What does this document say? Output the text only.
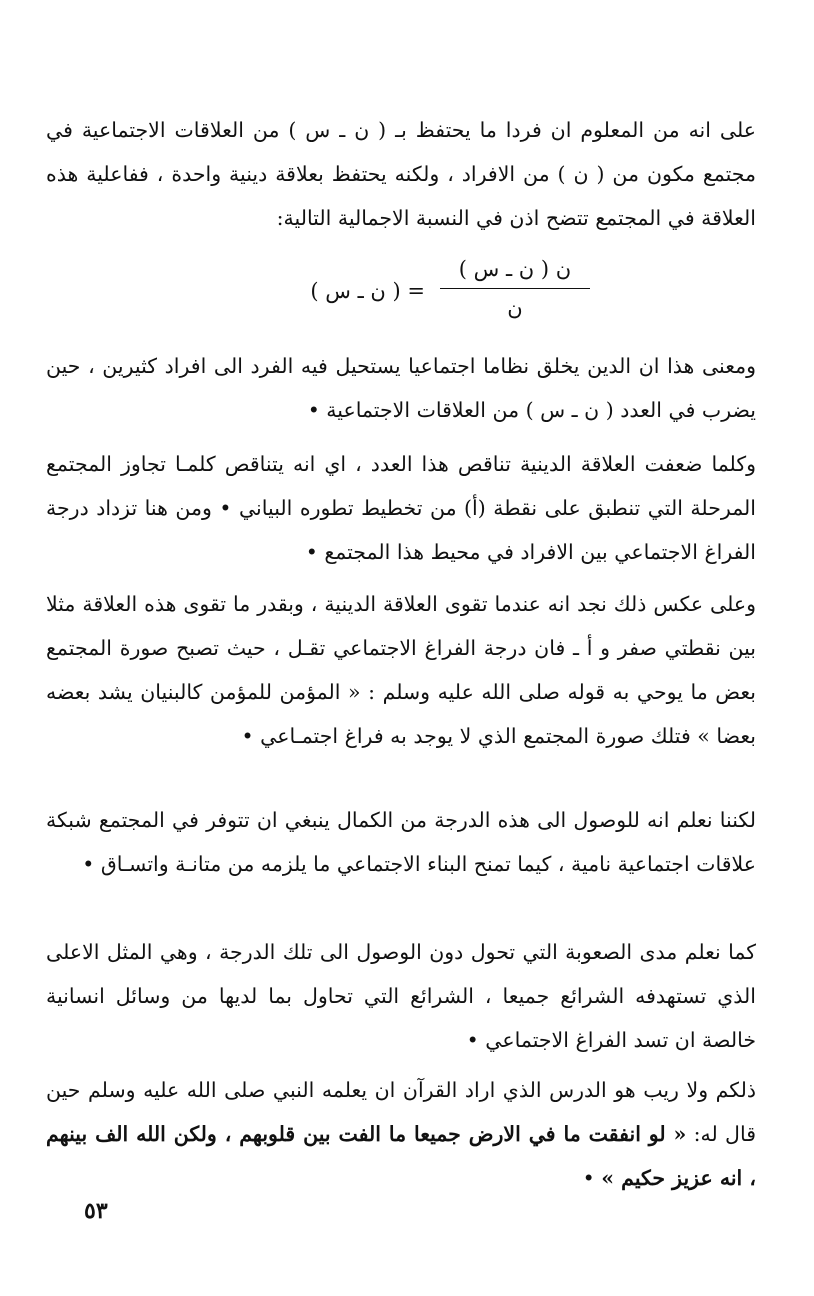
على انه من المعلوم ان فردا ما يحتفظ بـ ( ن ـ س ) من العلاقات الاجتماعية في مجتمع مكون من ( ن ) من الافراد ، ولكنه يحتفظ بعلاقة دينية واحدة ، ففاعلية هذه العلاقة في المجتمع تتضح اذن في النسبة الاجمالية التالية:

ن ( ن ـ س )
ن
= ( ن ـ س )

ومعنى هذا ان الدين يخلق نظاما اجتماعيا يستحيل فيه الفرد الى افراد كثيرين ، حين يضرب في العدد ( ن ـ س ) من العلاقات الاجتماعية •

وكلما ضعفت العلاقة الدينية تناقص هذا العدد ، اي انه يتناقص كلمـا تجاوز المجتمع المرحلة التي تنطبق على نقطة (أ) من تخطيط تطوره البياني • ومن هنا تزداد درجة الفراغ الاجتماعي بين الافراد في محيط هذا المجتمع •

وعلى عكس ذلك نجد انه عندما تقوى العلاقة الدينية ، وبقدر ما تقوى هذه العلاقة مثلا بين نقطتي صفر و أ ـ فان درجة الفراغ الاجتماعي تقـل ، حيث تصبح صورة المجتمع بعض ما يوحي به قوله صلى الله عليه وسلم : « المؤمن للمؤمن كالبنيان يشد بعضه بعضا » فتلك صورة المجتمع الذي لا يوجد به فراغ اجتمـاعي •

لكننا نعلم انه للوصول الى هذه الدرجة من الكمال ينبغي ان تتوفر في المجتمع شبكة علاقات اجتماعية نامية ، كيما تمنح البناء الاجتماعي ما يلزمه من متانـة واتسـاق •

كما نعلم مدى الصعوبة التي تحول دون الوصول الى تلك الدرجة ، وهي المثل الاعلى الذي تستهدفه الشرائع جميعا ، الشرائع التي تحاول بما لديها من وسائل انسانية خالصة ان تسد الفراغ الاجتماعي •

ذلكم ولا ريب هو الدرس الذي اراد القرآن ان يعلمه النبي صلى الله عليه وسلم حين قال له: « لو انفقت ما في الارض جميعا ما الفت بين قلوبهم ، ولكن الله الف بينهم ، انه عزيز حكيم » •

٥٣
